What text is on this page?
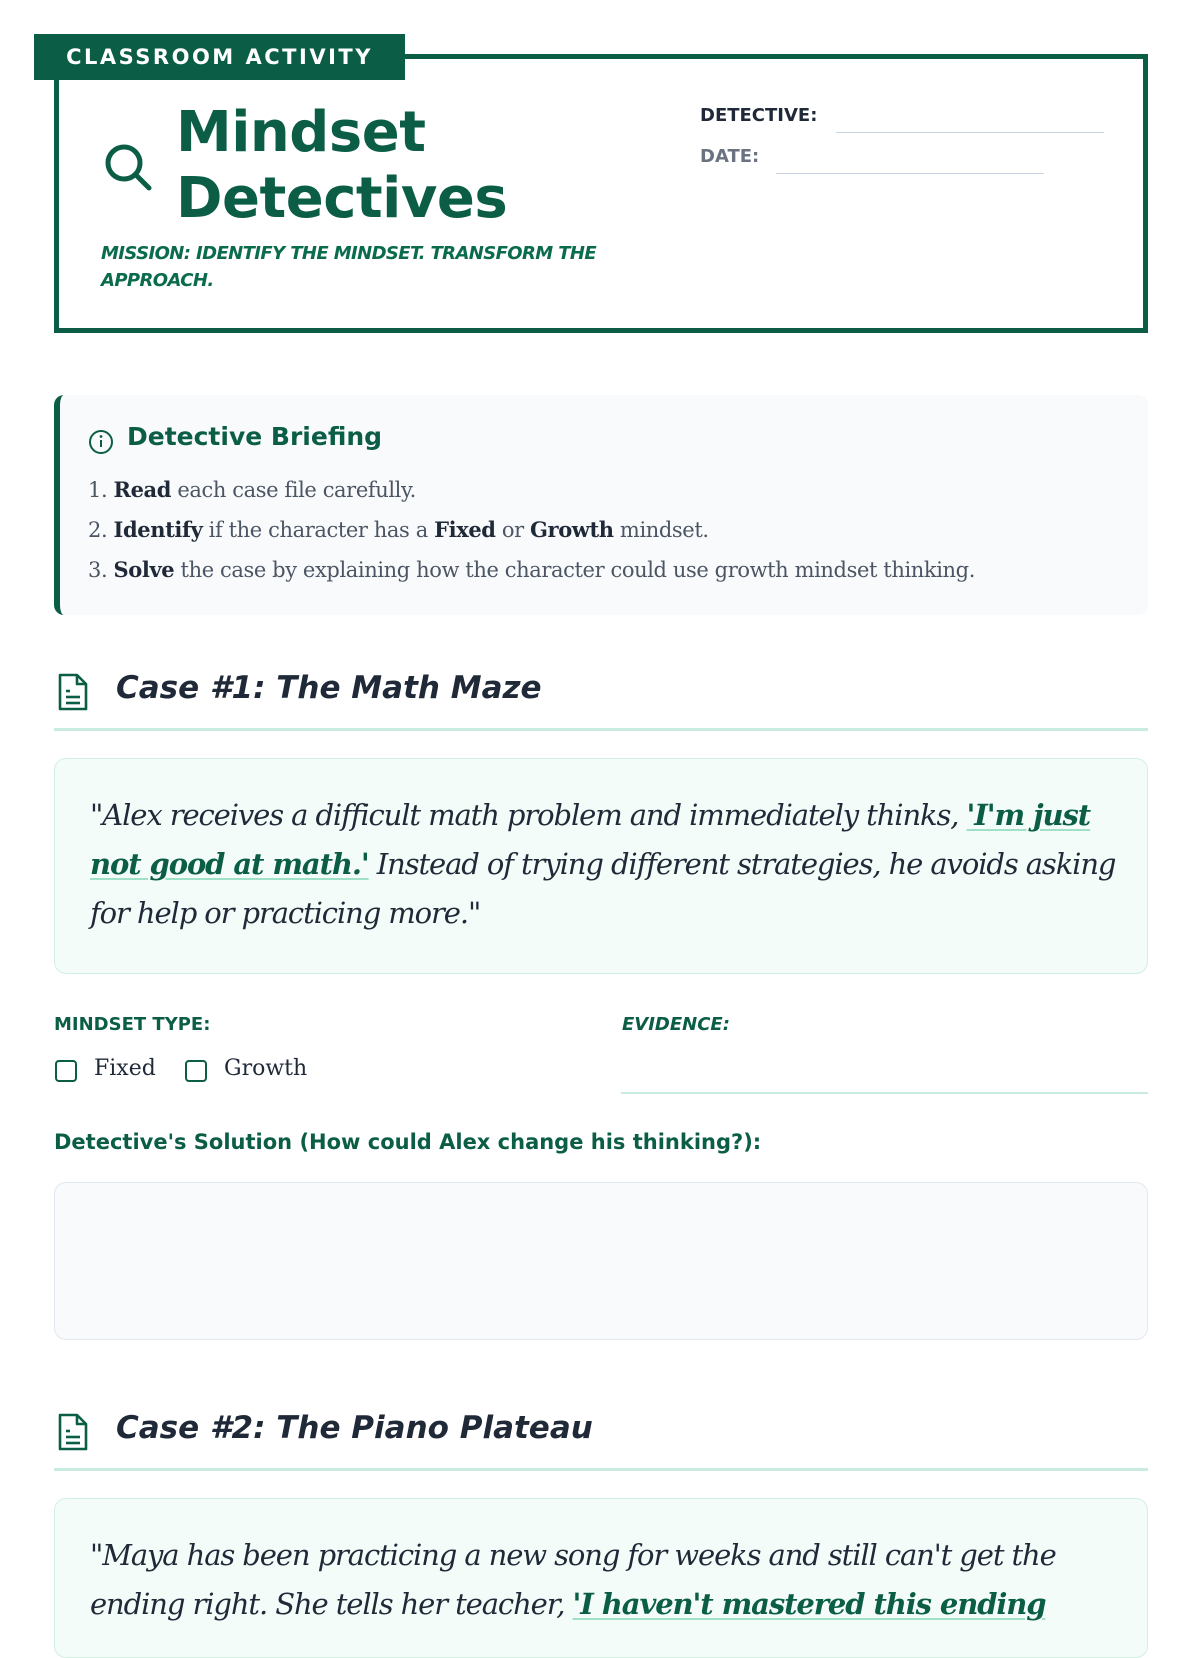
CLASSROOM ACTIVITY
Mindset
Detectives
MISSION: IDENTIFY THE MINDSET. TRANSFORM THE APPROACH.
DETECTIVE:
DATE:
Detective Briefing
1. Read each case file carefully.
2. Identify if the character has a Fixed or Growth mindset.
3. Solve the case by explaining how the character could use growth mindset thinking.
Case #1: The Math Maze
"Alex receives a difficult math problem and immediately thinks, 'I'm just not good at math.' Instead of trying different strategies, he avoids asking for help or practicing more."
MINDSET TYPE:
Fixed	Growth
EVIDENCE:
Detective's Solution (How could Alex change his thinking?):
Case #2: The Piano Plateau
"Maya has been practicing a new song for weeks and still can't get the ending right. She tells her teacher, 'I haven't mastered this ending
